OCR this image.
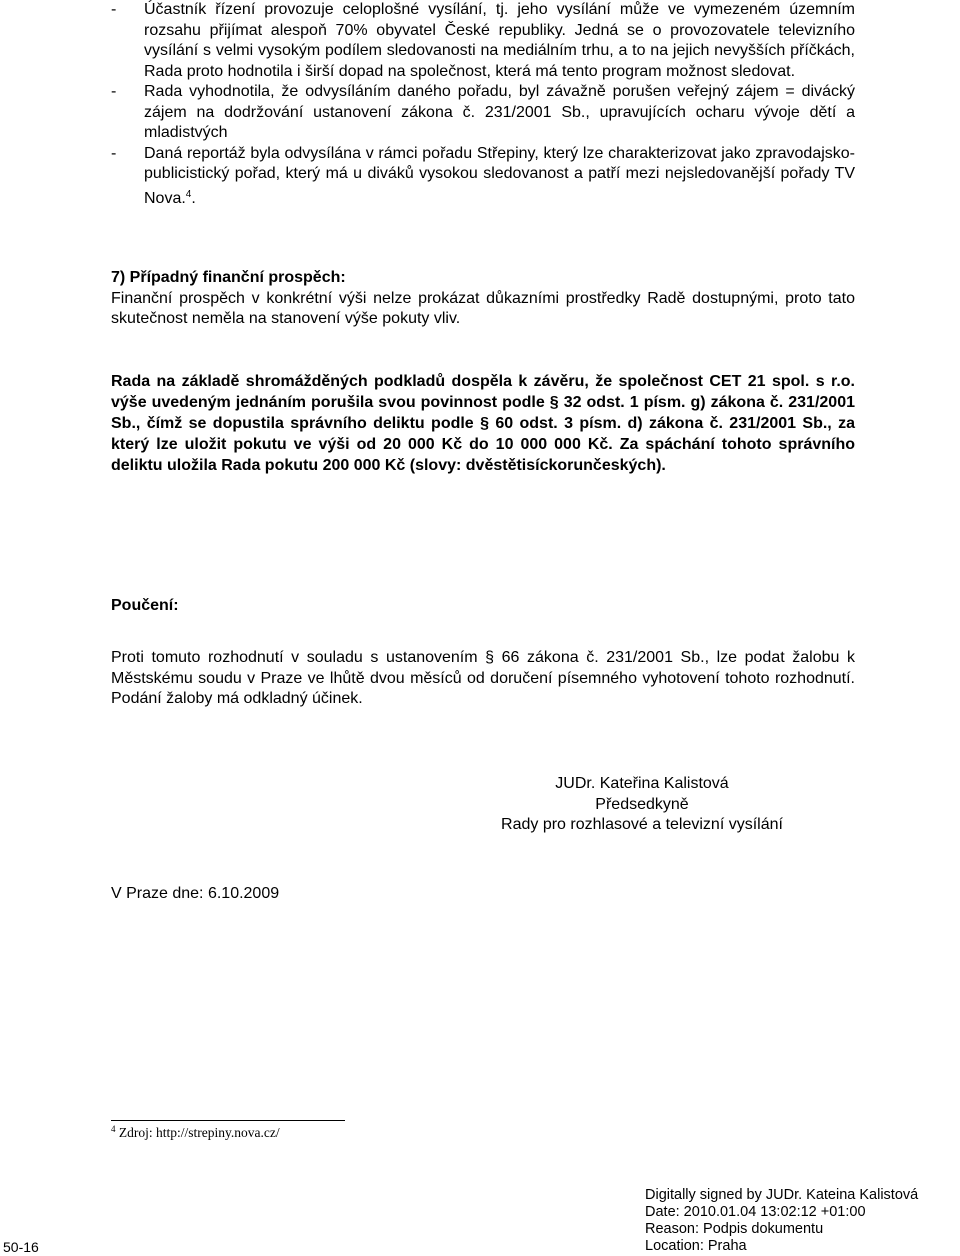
- Účastník řízení provozuje celoplošné vysílání, tj. jeho vysílání může ve vymezeném územním rozsahu přijímat alespoň 70% obyvatel České republiky. Jedná se o provozovatele televizního vysílání s velmi vysokým podílem sledovanosti na mediálním trhu, a to na jejich nevyšších příčkách, Rada proto hodnotila i širší dopad na společnost, která má tento program možnost sledovat.
- Rada vyhodnotila, že odvysíláním daného pořadu, byl závažně porušen veřejný zájem = divácký zájem na dodržování ustanovení zákona č. 231/2001 Sb., upravujících ocharu vývoje dětí a mladistvých
- Daná reportáž byla odvysílána v rámci pořadu Střepiny, který lze charakterizovat jako zpravodajsko-publicistický pořad, který má u diváků vysokou sledovanost a patří mezi nejsledovanější pořady TV Nova.$^4$.
7) Případný finanční prospěch:
Finanční prospěch v konkrétní výši nelze prokázat důkazními prostředky Radě dostupnými, proto tato skutečnost neměla na stanovení výše pokuty vliv.
Rada na základě shromážděných podkladů dospěla k závěru, že společnost CET 21 spol. s r.o. výše uvedeným jednáním porušila svou povinnost podle § 32 odst. 1 písm. g) zákona č. 231/2001 Sb., čímž se dopustila správního deliktu podle § 60 odst. 3 písm. d) zákona č. 231/2001 Sb., za který lze uložit pokutu ve výši od 20 000 Kč do 10 000 000 Kč. Za spáchání tohoto správního deliktu uložila Rada pokutu 200 000 Kč (slovy: dvěstětisíckorunčeských).
Poučení:
Proti tomuto rozhodnutí v souladu s ustanovením § 66 zákona č. 231/2001 Sb., lze podat žalobu k Městskému soudu v Praze ve lhůtě dvou měsíců od doručení písemného vyhotovení tohoto rozhodnutí. Podání žaloby má odkladný účinek.
JUDr. Kateřina Kalistová
Předsedkyně
Rady pro rozhlasové a televizní vysílání
V Praze dne: 6.10.2009
$^4$ Zdroj: http://strepiny.nova.cz/
Digitally signed by JUDr. Kateina Kalistová
Date: 2010.01.04 13:02:12 +01:00
Reason: Podpis dokumentu
Location: Praha
50-16
